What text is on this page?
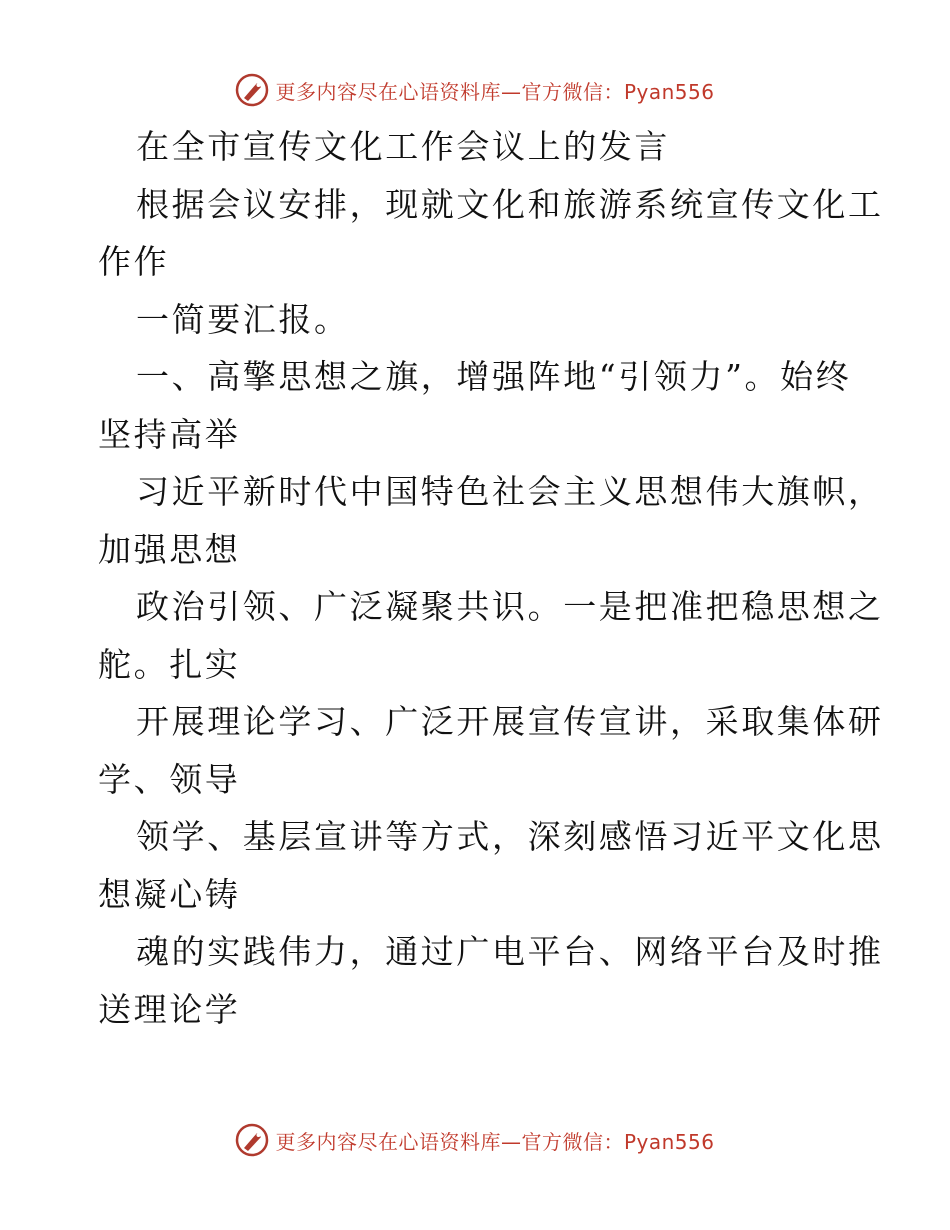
更多内容尽在心语资料库—官方微信：Pyan556
在全市宣传文化工作会议上的发言
根据会议安排，现就文化和旅游系统宣传文化工
作作
一简要汇报。
一、高擎思想之旗，增强阵地“引领力”。始终
坚持高举
习近平新时代中国特色社会主义思想伟大旗帜，
加强思想
政治引领、广泛凝聚共识。一是把准把稳思想之
舵。扎实
开展理论学习、广泛开展宣传宣讲，采取集体研
学、领导
领学、基层宣讲等方式，深刻感悟习近平文化思
想凝心铸
魂的实践伟力，通过广电平台、网络平台及时推
送理论学
更多内容尽在心语资料库—官方微信：Pyan556
